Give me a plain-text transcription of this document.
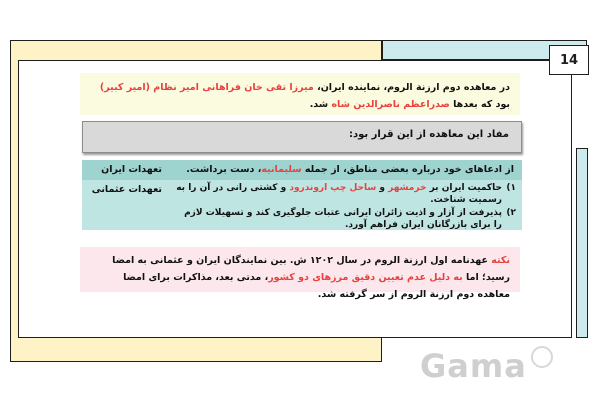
14
در معاهده دوم ارزنة الروم، نماینده ایران، میرزا تقی خان فراهانی امیر نظام (امیر کبیر) بود که بعدها صدراعظم ناصرالدین شاه شد.
مفاد این معاهده از این قرار بود:
تعهدات ایران	از ادعاهای خود درباره بعضی مناطق، از جمله سلیمانیه، دست برداشت.
تعهدات عثمانی	۱)
حاکمیت ایران بر خرمشهر و ساحل چپ اروندرود و کشتی رانی در آن را به رسمیت شناخت.
۲)
پذیرفت از آزار و اذیت زائران ایرانی عتبات جلوگیری کند و تسهیلات لازم را برای بازرگانان ایران فراهم آورد.
نکته عهدنامه اول ارزنة الروم در سال ۱۲۰۲ ش. بین نمایندگان ایران و عثمانی به امضا رسید؛ اما به دلیل عدم تعیین دقیق مرزهای دو کشور، مدتی بعد، مذاکرات برای امضا معاهده دوم ارزنة الروم از سر گرفته شد.
Gama
